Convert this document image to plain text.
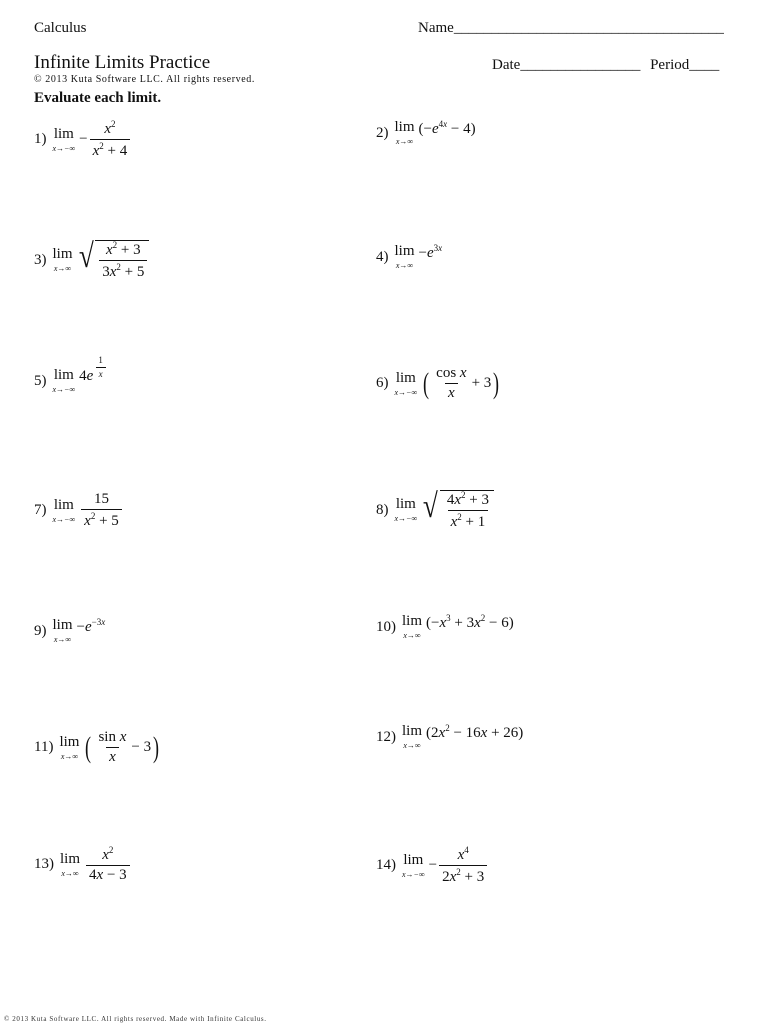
Calculus	Name____________________________________
Infinite Limits Practice
© 2013 Kuta Software LLC. All rights reserved.
Evaluate each limit.
Date________________ Period____
1) lim
x→−∞
− $\frac{x^2}{x^2 + 4}$	2) lim
x→∞
$(-e^{4x} - 4)$
3) lim
x→∞ √ $\frac{x^2 + 3}{3x^2 + 5}$	4) lim
x→∞
$-e^{3x}$
5) lim
x→−∞
$4e \frac{1}{x}$
6) lim
x→−∞ ( $\frac{\text{cos x}}{x} + 3$ )
7) lim
$x\to-\infty \frac{15}{x^2 + 5}$	8) lim
x→−∞ √ $\frac{4x^2 + 3}{x^2 + 1}$
9) lim
x→∞
$-e^{-3x}$	10) lim
x→∞
$(-x^3 + 3x^2 - 6)$
11) lim
x→∞ ( $\frac{\text{sin x}}{x} - 3$ )	12) lim
x→∞
$(2x^2 - 16x + 26)$
13) lim
$x\to\infty \frac{x^2}{4x - 3}$	14) lim
x→−∞
− $\frac{x^4}{2x^2 + 3}$
© 2013 Kuta Software LLC. All rights reserved. Made with Infinite Calculus.
